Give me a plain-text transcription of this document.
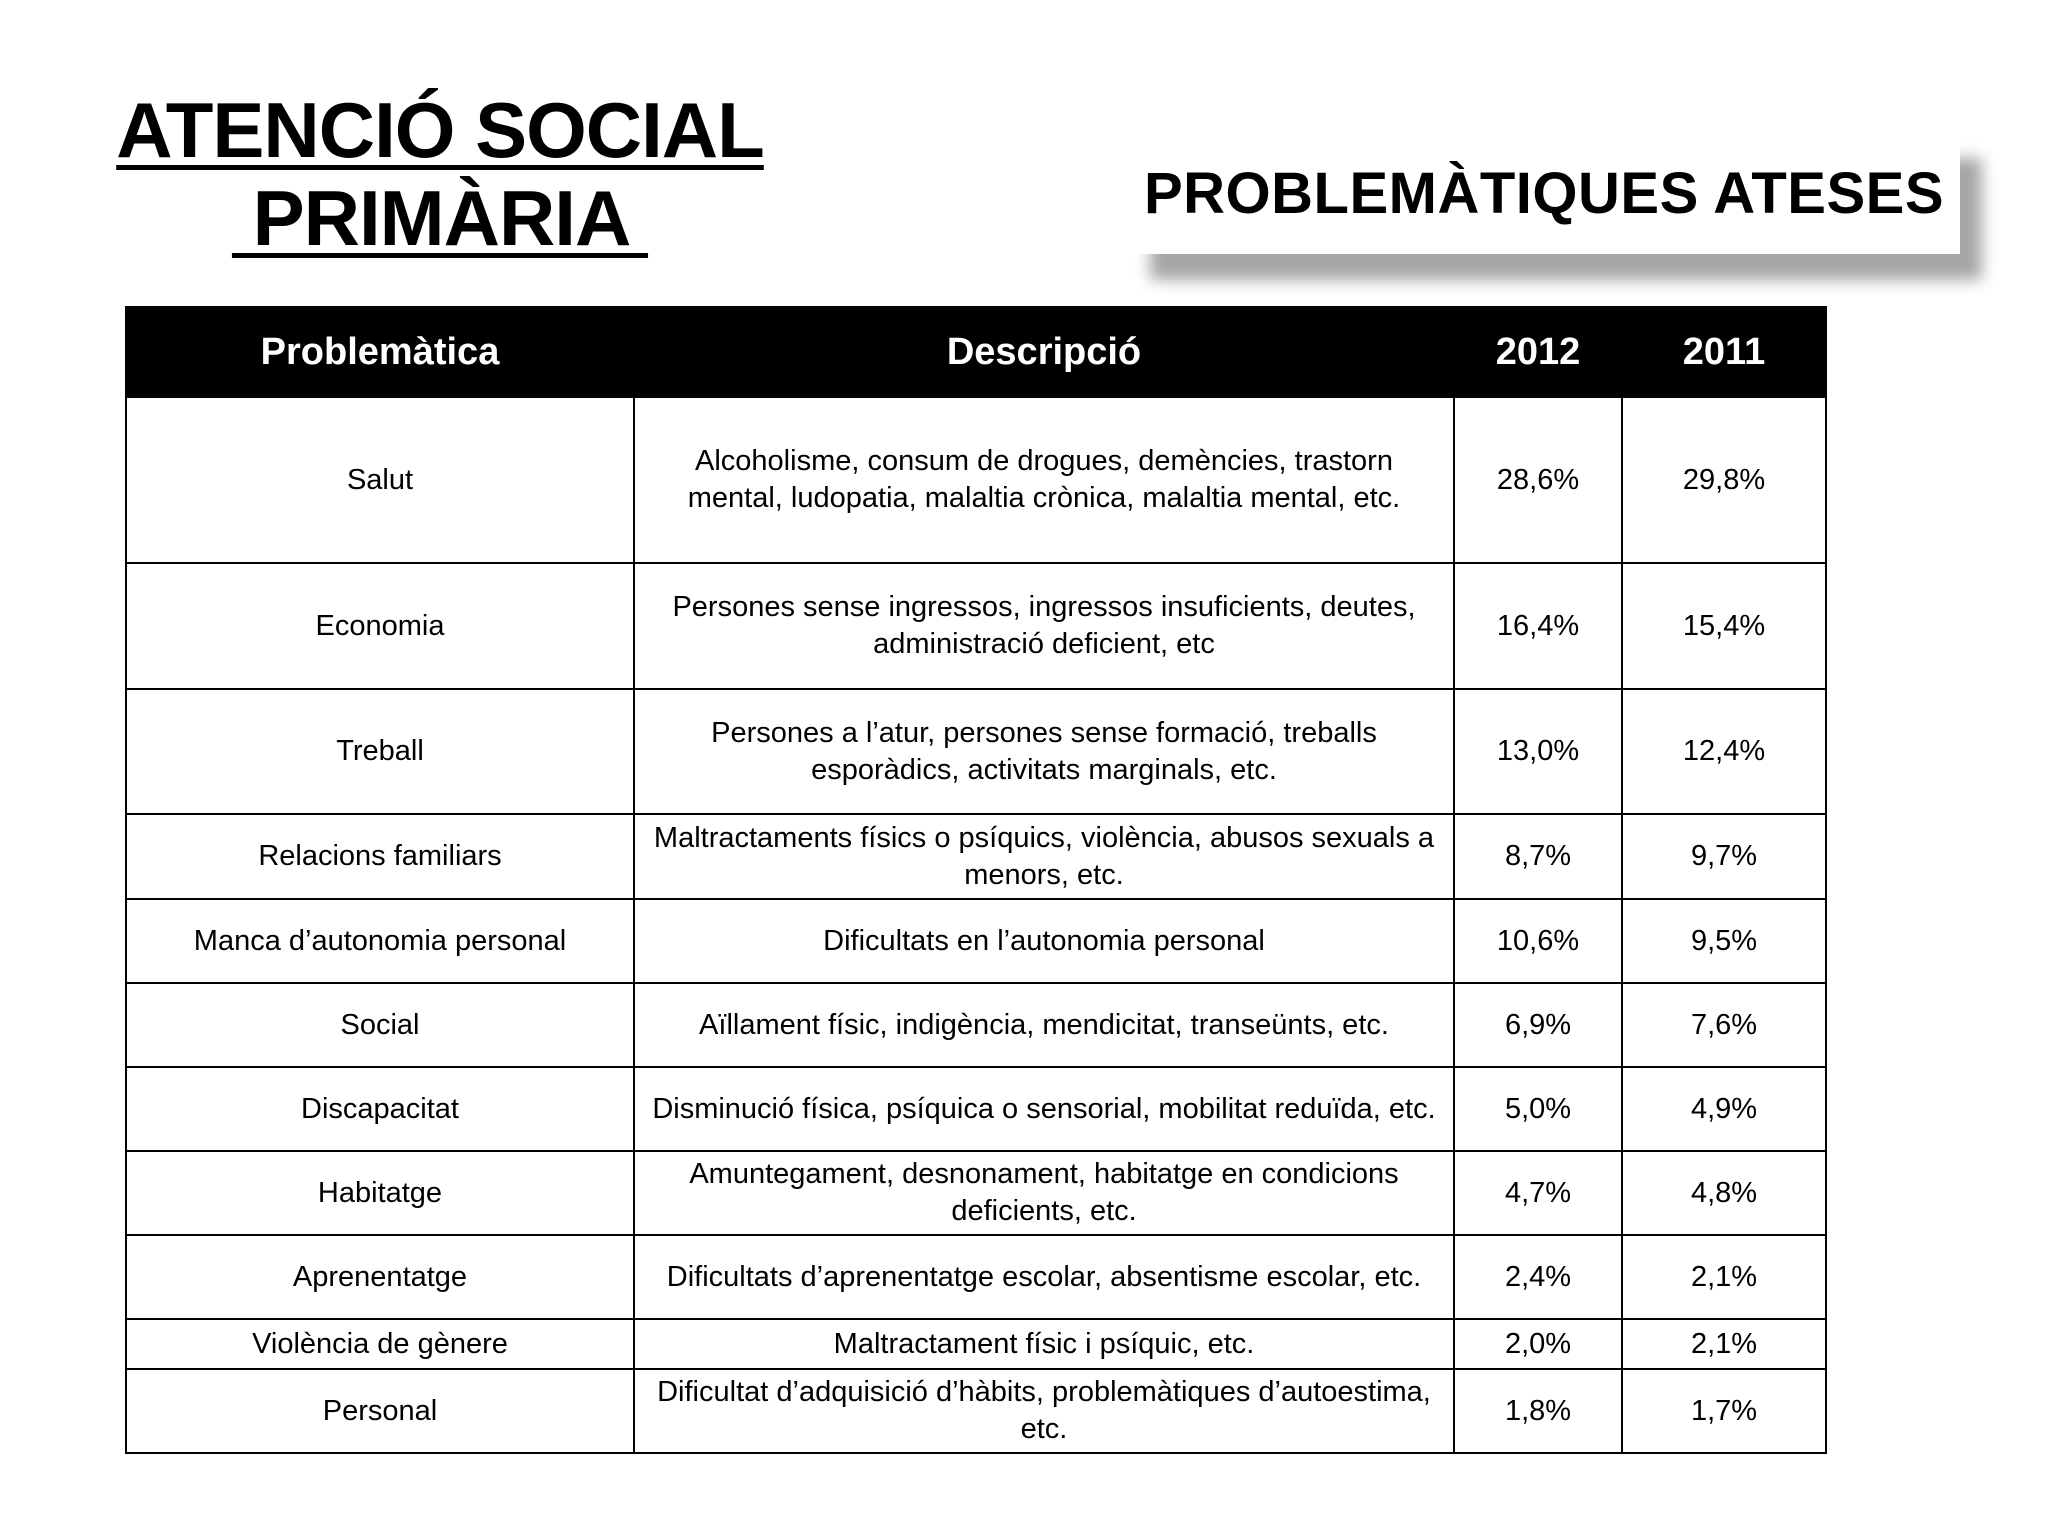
ATENCIÓ SOCIAL
PRIMÀRIA	PROBLEMÀTIQUES ATESES
Problemàtica	Descripció	2012	2011
Salut	Alcoholisme, consum de drogues, demències, trastorn mental, ludopatia, malaltia crònica, malaltia mental, etc.	28,6%	29,8%
Economia	Persones sense ingressos, ingressos insuficients, deutes, administració deficient, etc	16,4%	15,4%
Treball	Persones a l’atur, persones sense formació, treballs esporàdics, activitats marginals, etc.	13,0%	12,4%
Relacions familiars	Maltractaments físics o psíquics, violència, abusos sexuals a menors, etc.	8,7%	9,7%
Manca d’autonomia personal	Dificultats en l’autonomia personal	10,6%	9,5%
Social	Aïllament físic, indigència, mendicitat, transeünts, etc.	6,9%	7,6%
Discapacitat	Disminució física, psíquica o sensorial, mobilitat reduïda, etc.	5,0%	4,9%
Habitatge	Amuntegament, desnonament, habitatge en condicions deficients, etc.	4,7%	4,8%
Aprenentatge	Dificultats d’aprenentatge escolar, absentisme escolar, etc.	2,4%	2,1%
Violència de gènere	Maltractament físic i psíquic, etc.	2,0%	2,1%
Personal	Dificultat d’adquisició d’hàbits, problemàtiques d’autoestima, etc.	1,8%	1,7%
